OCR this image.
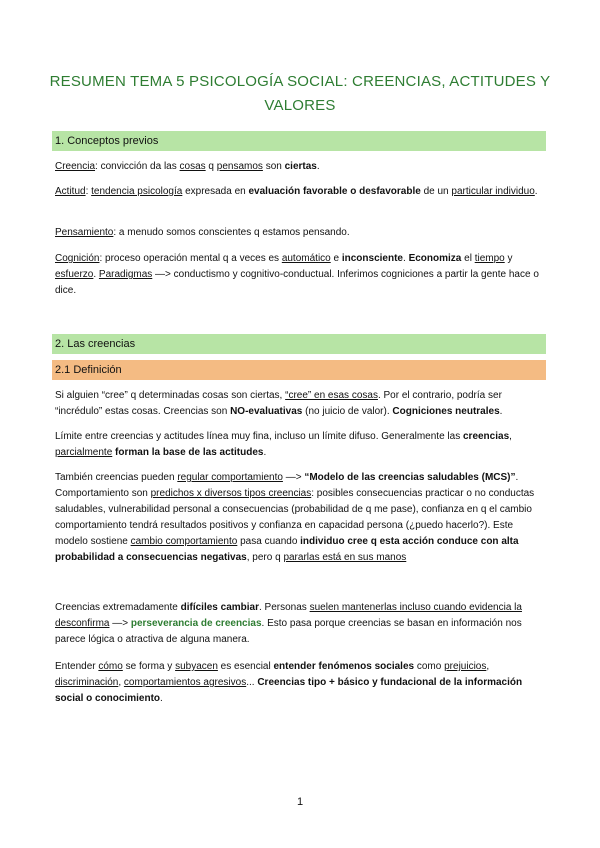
RESUMEN TEMA 5 PSICOLOGÍA SOCIAL: CREENCIAS, ACTITUDES Y VALORES
1. Conceptos previos

Creencia: convicción da las cosas q pensamos son ciertas.

Actitud: tendencia psicología expresada en evaluación favorable o desfavorable de un particular individuo.

Pensamiento: a menudo somos conscientes q estamos pensando.

Cognición: proceso operación mental q a veces es automático e inconsciente. Economiza el tiempo y esfuerzo. Paradigmas —> conductismo y cognitivo-conductual. Inferimos cogniciones a partir la gente hace o dice.

2. Las creencias
2.1 Definición

Si alguien “cree” q determinadas cosas son ciertas, “cree” en esas cosas. Por el contrario, podría ser “incrédulo” estas cosas. Creencias son NO-evaluativas (no juicio de valor). Cogniciones neutrales.

Límite entre creencias y actitudes línea muy fina, incluso un límite difuso. Generalmente las creencias, parcialmente forman la base de las actitudes.

También creencias pueden regular comportamiento —> “Modelo de las creencias saludables (MCS)”. Comportamiento son predichos x diversos tipos creencias: posibles consecuencias practicar o no conductas saludables, vulnerabilidad personal a consecuencias (probabilidad de q me pase), confianza en q el cambio comportamiento tendrá resultados positivos y confianza en capacidad persona (¿puedo hacerlo?). Este modelo sostiene cambio comportamiento pasa cuando individuo cree q esta acción conduce con alta probabilidad a consecuencias negativas, pero q pararlas está en sus manos

Creencias extremadamente difíciles cambiar. Personas suelen mantenerlas incluso cuando evidencia la desconfirma —> perseverancia de creencias. Esto pasa porque creencias se basan en información nos parece lógica o atractiva de alguna manera.

Entender cómo se forma y subyacen es esencial entender fenómenos sociales como prejuicios, discriminación, comportamientos agresivos... Creencias tipo + básico y fundacional de la información social o conocimiento.

1
